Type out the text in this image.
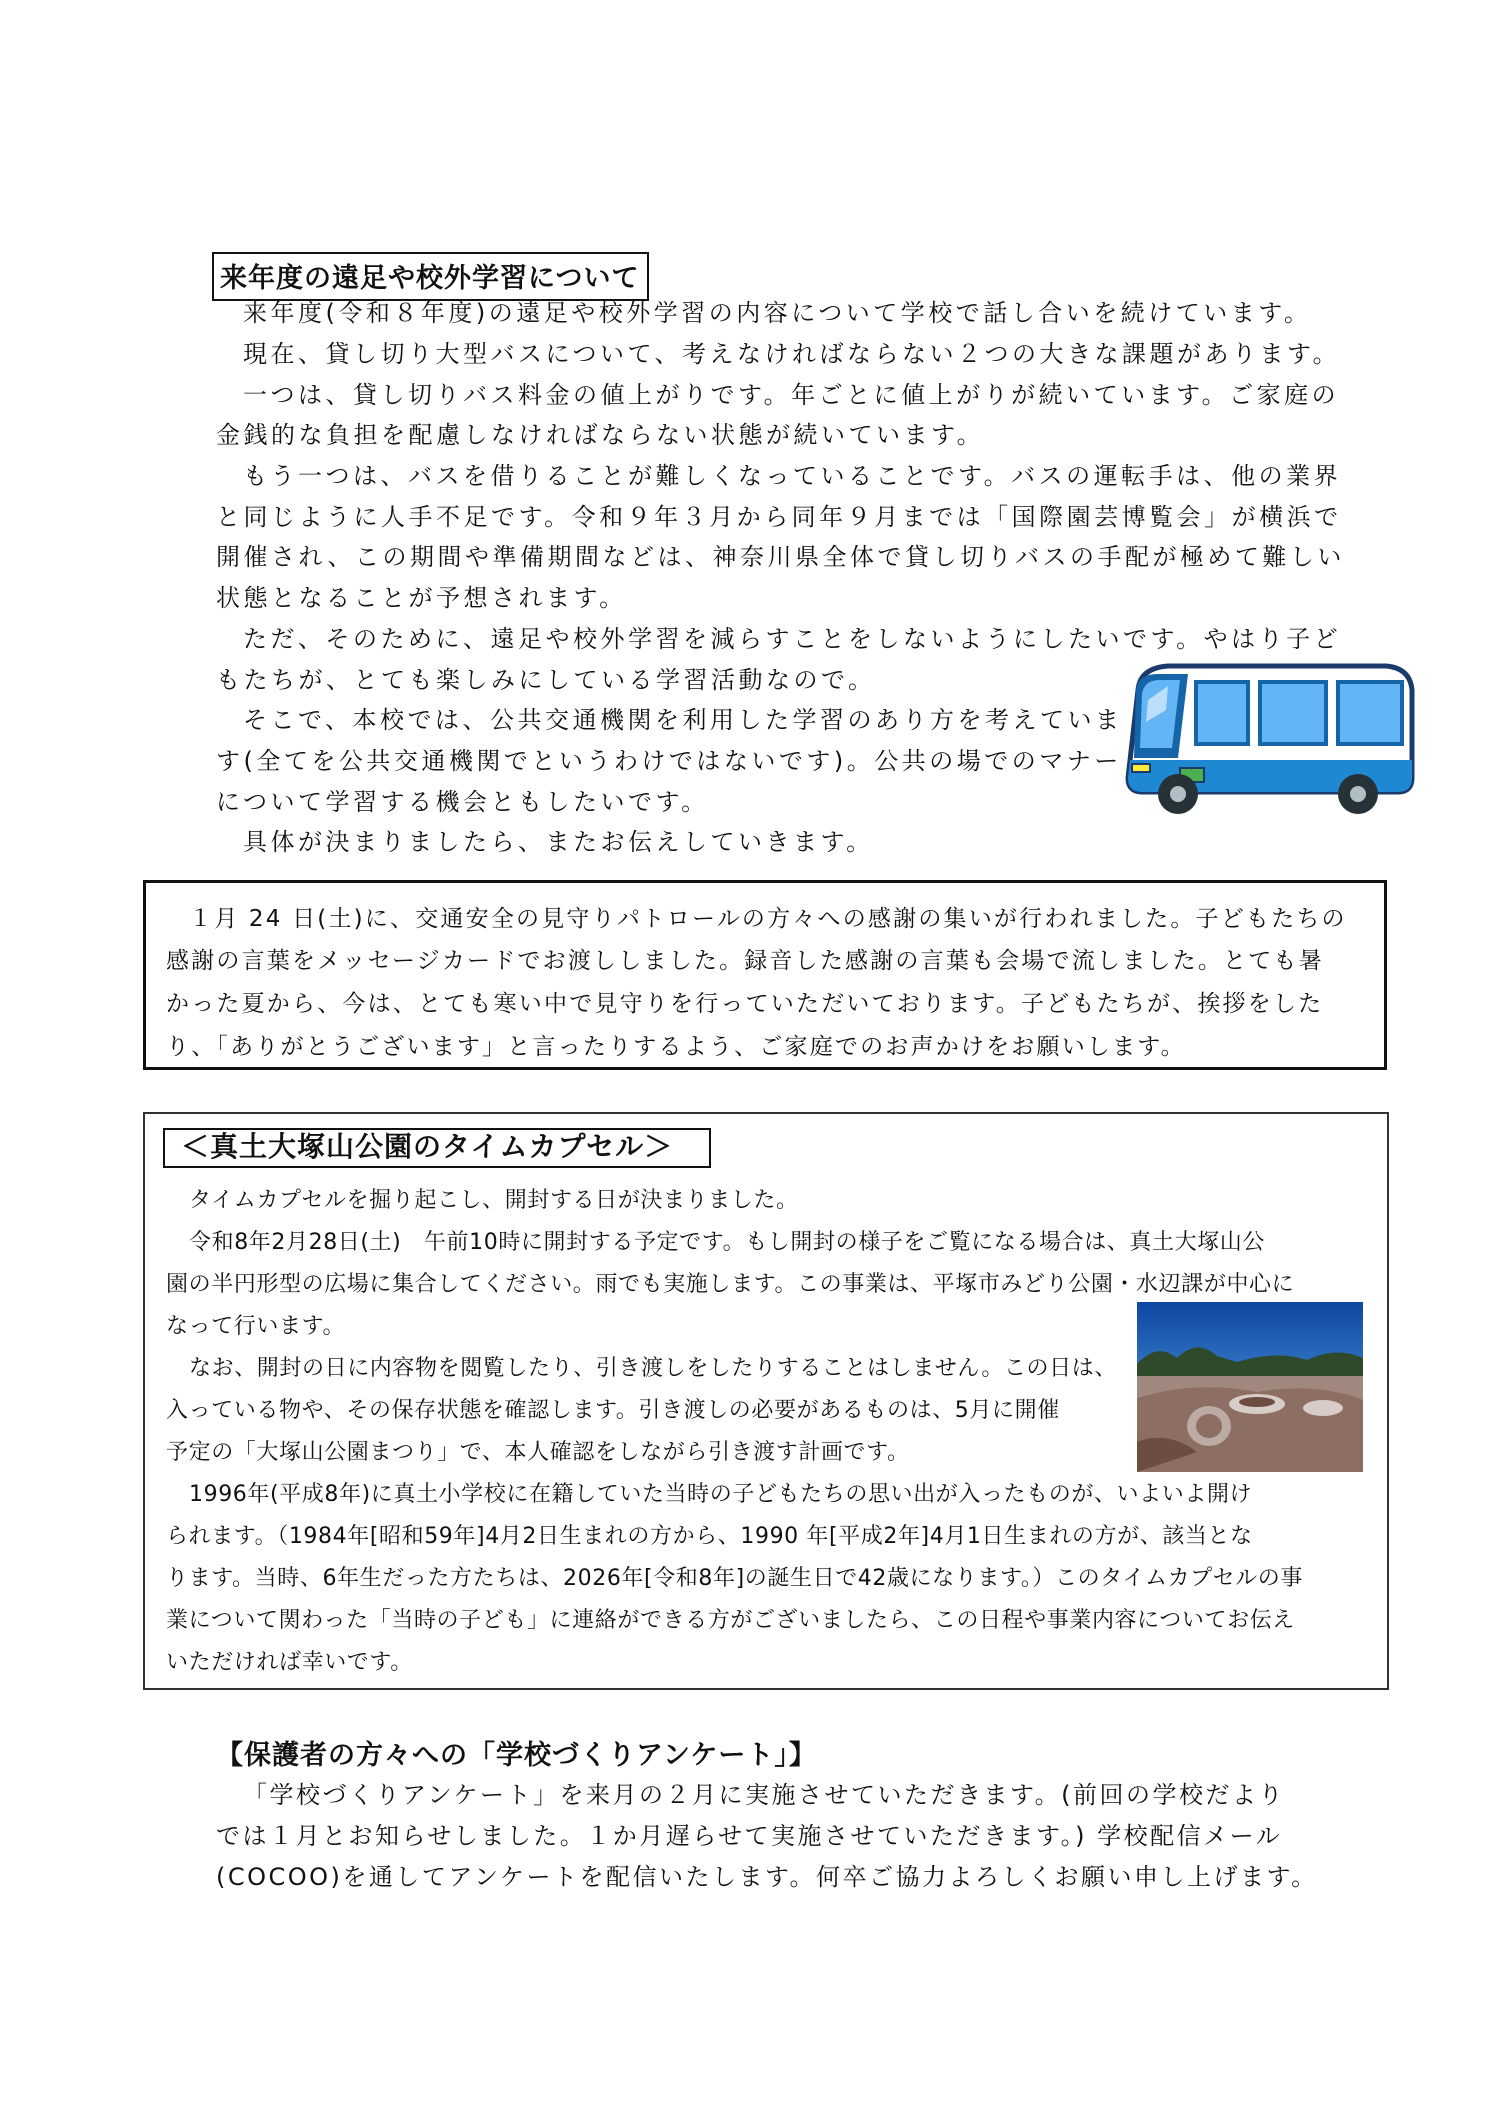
来年度の遠足や校外学習について
来年度(令和８年度)の遠足や校外学習の内容について学校で話し合いを続けています。
現在、貸し切り大型バスについて、考えなければならない２つの大きな課題があります。
一つは、貸し切りバス料金の値上がりです。年ごとに値上がりが続いています。ご家庭の
金銭的な負担を配慮しなければならない状態が続いています。
もう一つは、バスを借りることが難しくなっていることです。バスの運転手は、他の業界
と同じように人手不足です。令和９年３月から同年９月までは「国際園芸博覧会」が横浜で
開催され、この期間や準備期間などは、神奈川県全体で貸し切りバスの手配が極めて難しい
状態となることが予想されます。
ただ、そのために、遠足や校外学習を減らすことをしないようにしたいです。やはり子ど
もたちが、とても楽しみにしている学習活動なので。
そこで、本校では、公共交通機関を利用した学習のあり方を考えていま
す(全てを公共交通機関でというわけではないです)。公共の場でのマナー
について学習する機会ともしたいです。
具体が決まりましたら、またお伝えしていきます。
１月 24 日(土)に、交通安全の見守りパトロールの方々への感謝の集いが行われました。子どもたちの
感謝の言葉をメッセージカードでお渡ししました。録音した感謝の言葉も会場で流しました。とても暑
かった夏から、今は、とても寒い中で見守りを行っていただいております。子どもたちが、挨拶をした
り、「ありがとうございます」と言ったりするよう、ご家庭でのお声かけをお願いします。
＜真土大塚山公園のタイムカプセル＞
タイムカプセルを掘り起こし、開封する日が決まりました。
令和8年2月28日(土)　午前10時に開封する予定です。もし開封の様子をご覧になる場合は、真土大塚山公
園の半円形型の広場に集合してください。雨でも実施します。この事業は、平塚市みどり公園・水辺課が中心に
なって行います。
なお、開封の日に内容物を閲覧したり、引き渡しをしたりすることはしません。この日は、
入っている物や、その保存状態を確認します。引き渡しの必要があるものは、5月に開催
予定の「大塚山公園まつり」で、本人確認をしながら引き渡す計画です。
1996年(平成8年)に真土小学校に在籍していた当時の子どもたちの思い出が入ったものが、いよいよ開け
られます。（1984年[昭和59年]4月2日生まれの方から、1990 年[平成2年]4月1日生まれの方が、該当とな
ります。当時、6年生だった方たちは、2026年[令和8年]の誕生日で42歳になります。）このタイムカプセルの事
業について関わった「当時の子ども」に連絡ができる方がございましたら、この日程や事業内容についてお伝え
いただければ幸いです。
【保護者の方々への「学校づくりアンケート」】
「学校づくりアンケート」を来月の２月に実施させていただきます。(前回の学校だより
では１月とお知らせしました。１か月遅らせて実施させていただきます。) 学校配信メール
(COCOO)を通してアンケートを配信いたします。何卒ご協力よろしくお願い申し上げます。
